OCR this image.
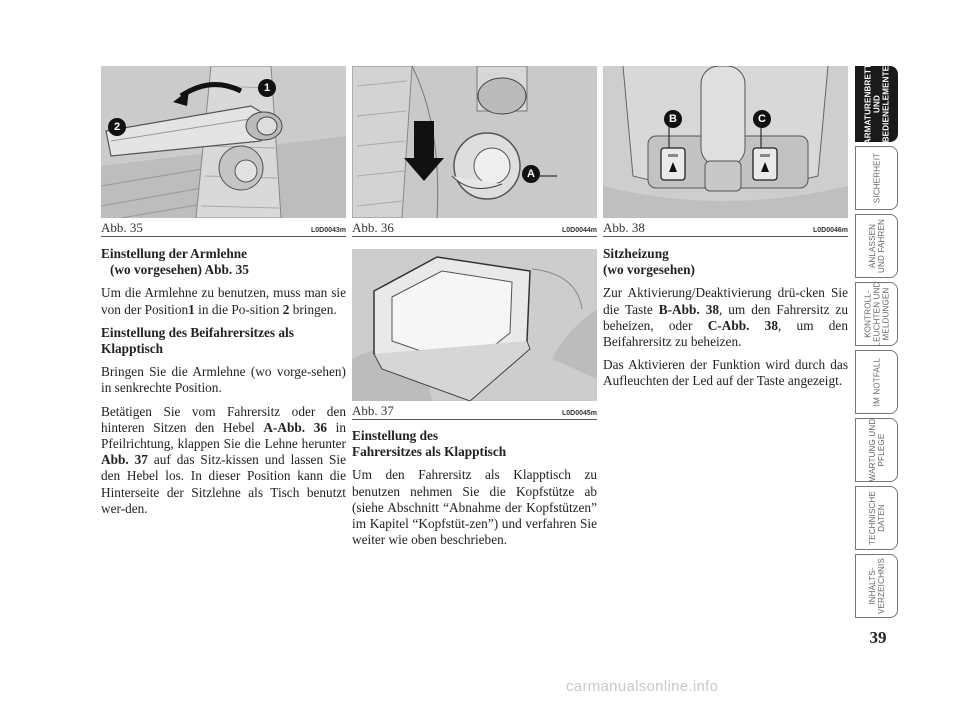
1
2
Abb. 35	L0D0043m
A
Abb. 36	L0D0044m
Abb. 37	L0D0045m
B	C
Abb. 38	L0D0046m
Einstellung der Armlehne
(wo vorgesehen) Abb. 35

Um die Armlehne zu benutzen, muss man sie von der Position1 in die Po-sition 2 bringen.

Einstellung des Beifahrersitzes als
Klapptisch

Bringen Sie die Armlehne (wo vorge-sehen) in senkrechte Position.

Betätigen Sie vom Fahrersitz oder den hinteren Sitzen den Hebel A-Abb. 36 in Pfeilrichtung, klappen Sie die Lehne herunter Abb. 37 auf das Sitz-kissen und lassen Sie den Hebel los. In dieser Position kann die Hinterseite der Sitzlehne als Tisch benutzt wer-den.

Einstellung des
Fahrersitzes als Klapptisch

Um den Fahrersitz als Klapptisch zu benutzen nehmen Sie die Kopfstütze ab (siehe Abschnitt “Abnahme der Kopfstützen” im Kapitel “Kopfstüt-zen”) und verfahren Sie weiter wie oben beschrieben.

Sitzheizung
(wo vorgesehen)

Zur Aktivierung/Deaktivierung drü-cken Sie die Taste B-Abb. 38, um den Fahrersitz zu beheizen, oder C-Abb. 38, um den Beifahrersitz zu beheizen.

Das Aktivieren der Funktion wird durch das Aufleuchten der Led auf der Taste angezeigt.

ARMATURENBRETT
UND
BEDIENELEMENTE
SICHERHEIT
ANLASSEN
UND FAHREN
KONTROLL-
LEUCHTEN UND
MELDUNGEN
IM NOTFALL
WARTUNG UND
PFLEGE
TECHNISCHE
DATEN
INHALTS-
VERZEICHNIS
39
carmanualsonline.info
